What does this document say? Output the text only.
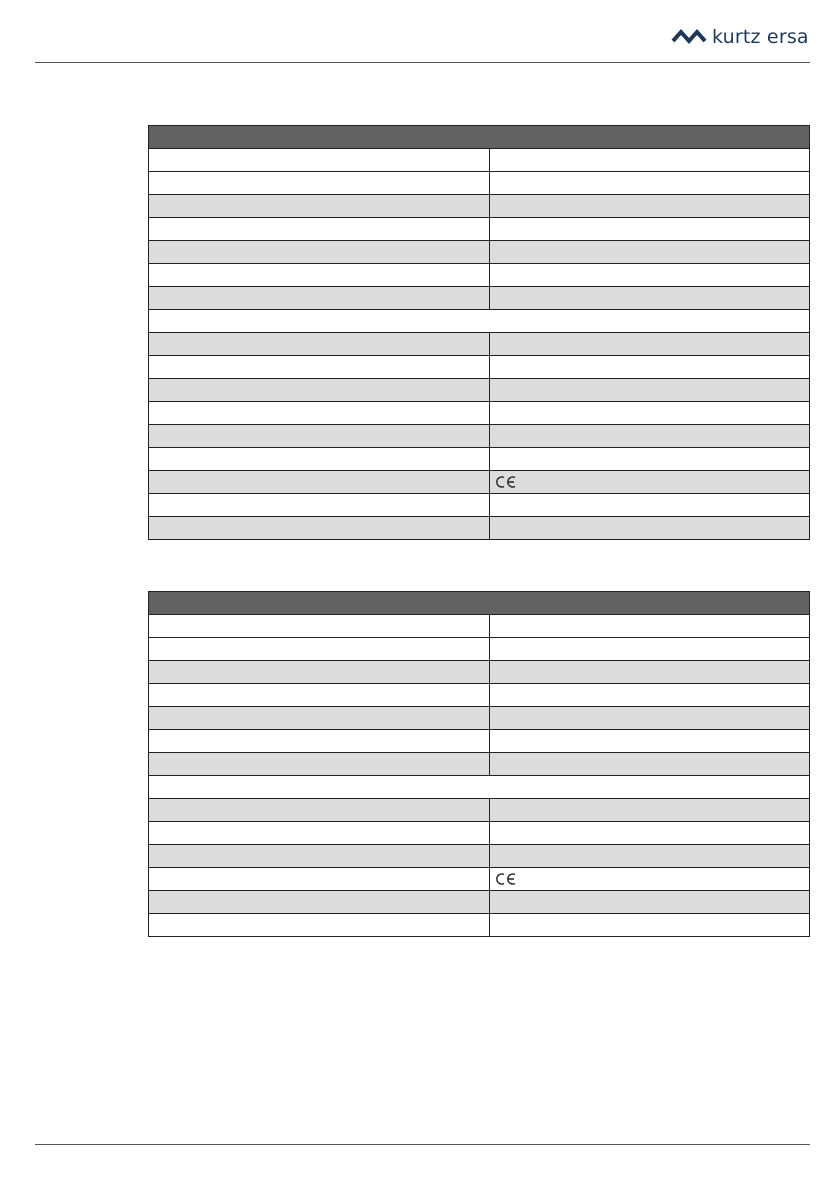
kurtz ersa
